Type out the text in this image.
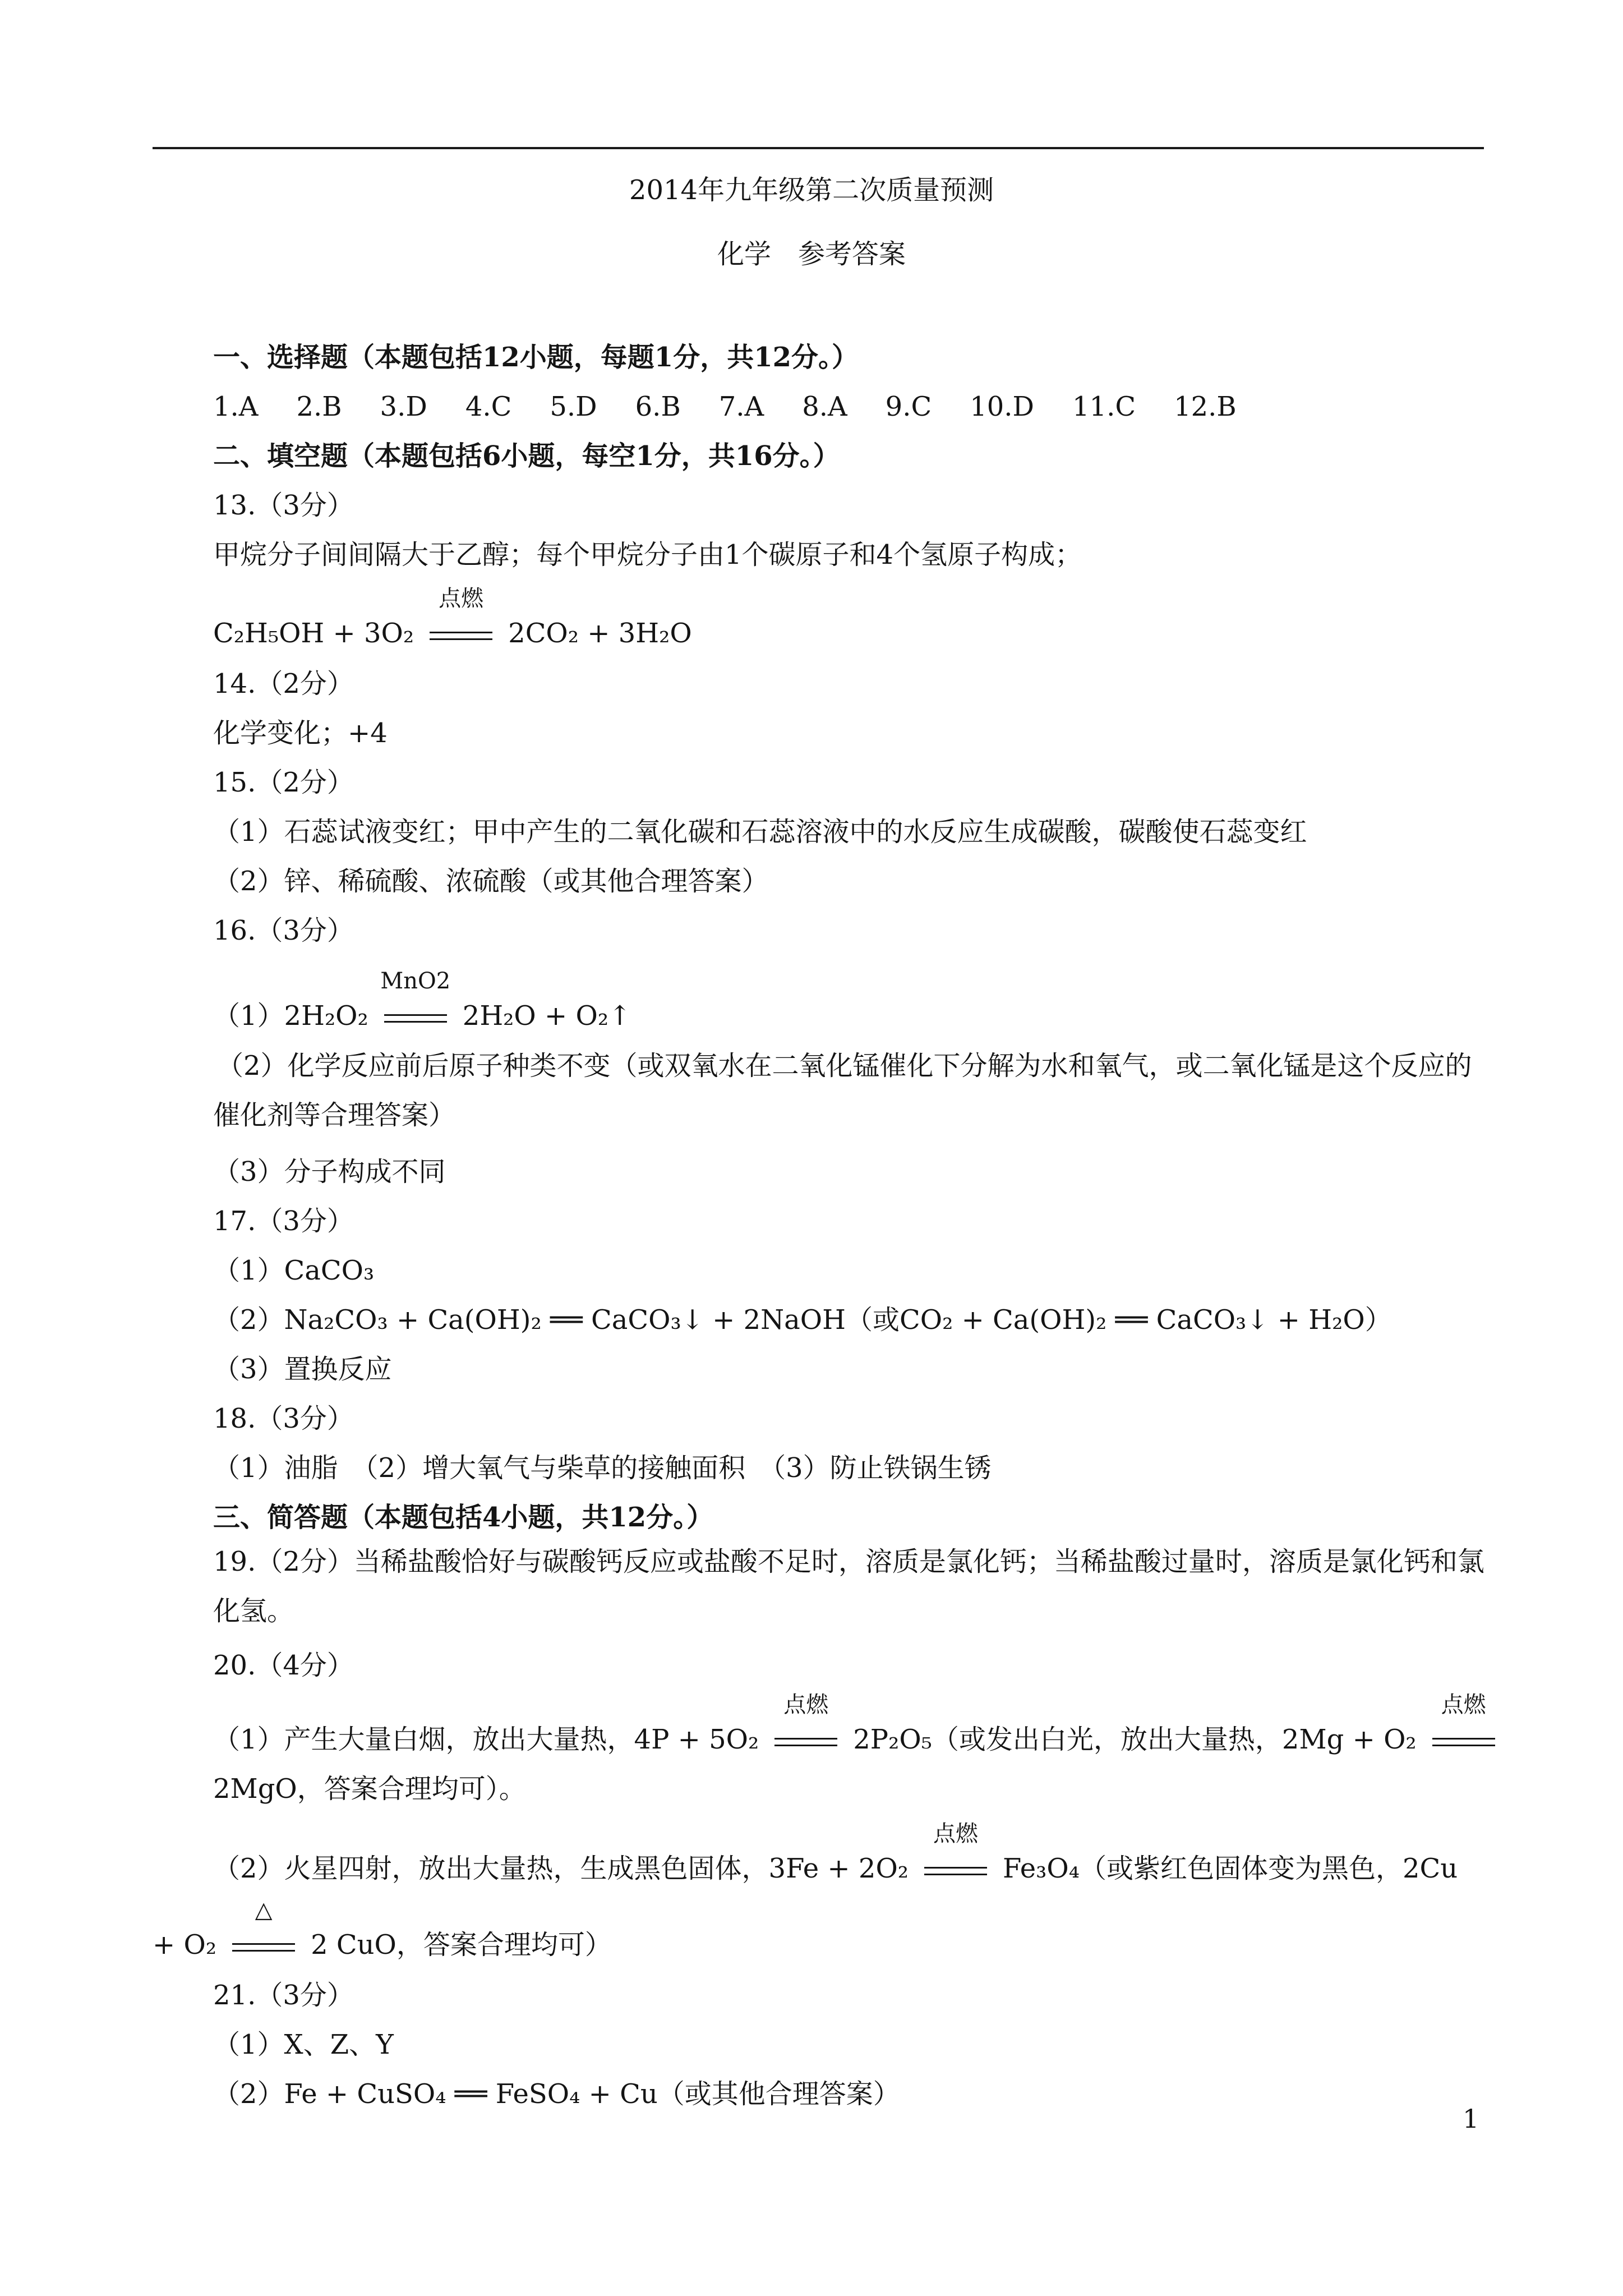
2014年九年级第二次质量预测
化学　参考答案
一、选择题（本题包括12小题，每题1分，共12分。）
1.A 2.B 3.D 4.C 5.D 6.B 7.A 8.A 9.C 10.D 11.C 12.B
二、填空题（本题包括6小题，每空1分，共16分。）
13.（3分）
甲烷分子间间隔大于乙醇；每个甲烷分子由1个碳原子和4个氢原子构成；
C₂H₅OH + 3O₂
点燃
2CO₂ + 3H₂O
14.（2分）
化学变化；+4
15.（2分）
（1）石蕊试液变红；甲中产生的二氧化碳和石蕊溶液中的水反应生成碳酸，碳酸使石蕊变红
（2）锌、稀硫酸、浓硫酸（或其他合理答案）
16.（3分）
（1）2H₂O₂
MnO2
2H₂O + O₂↑
（2）化学反应前后原子种类不变（或双氧水在二氧化锰催化下分解为水和氧气，或二氧化锰是这个反应的催化剂等合理答案）
（3）分子构成不同
17.（3分）
（1）CaCO₃
（2）Na₂CO₃ + Ca(OH)₂ ══ CaCO₃↓ + 2NaOH（或CO₂ + Ca(OH)₂ ══ CaCO₃↓ + H₂O）
（3）置换反应
18.（3分）
（1）油脂　（2）增大氧气与柴草的接触面积　（3）防止铁锅生锈
三、简答题（本题包括4小题，共12分。）
19.（2分）当稀盐酸恰好与碳酸钙反应或盐酸不足时，溶质是氯化钙；当稀盐酸过量时，溶质是氯化钙和氯化氢。
20.（4分）
（1）产生大量白烟，放出大量热，4P + 5O₂
点燃
2P₂O₅（或发出白光，放出大量热，2Mg + O₂
点燃
2MgO，答案合理均可）。
（2）火星四射，放出大量热，生成黑色固体，3Fe + 2O₂
点燃
Fe₃O₄（或紫红色固体变为黑色，2Cu
+ O₂
△
2 CuO，答案合理均可）
21.（3分）
（1）X、Z、Y
（2）Fe + CuSO₄ ══ FeSO₄ + Cu（或其他合理答案）
1
